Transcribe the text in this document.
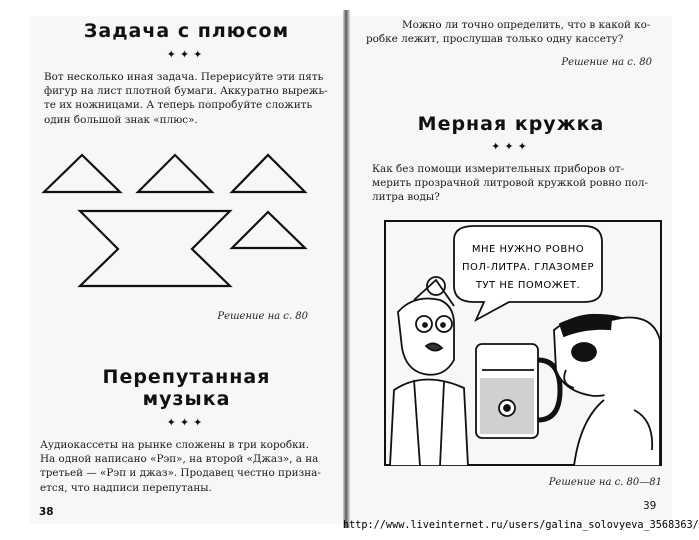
Задача с плюсом
✦✦✦

Вот несколько иная задача. Перерисуйте эти пять
фигур на лист плотной бумаги. Аккуратно вырежь-
те их ножницами. А теперь попробуйте сложить
один большой знак «плюс».

Решение на с. 80
Перепутанная
музыка
✦✦✦

Аудиокассеты на рынке сложены в три коробки.
На одной написано «Рэп», на второй «Джаз», а на
третьей — «Рэп и джаз». Продавец честно призна-
ется, что надписи перепутаны.

38

Можно ли точно определить, что в какой ко-
робке лежит, прослушав только одну кассету?

Решение на с. 80
Мерная кружка
✦✦✦

Как без помощи измерительных приборов от-
мерить прозрачной литровой кружкой ровно пол-
литра воды?

МНЕ НУЖНО РОВНО
ПОЛ-ЛИТРА. ГЛАЗОМЕР
ТУТ НЕ ПОМОЖЕТ.
Решение на с. 80—81
39
http://www.liveinternet.ru/users/galina_solovyeva_3568363/
